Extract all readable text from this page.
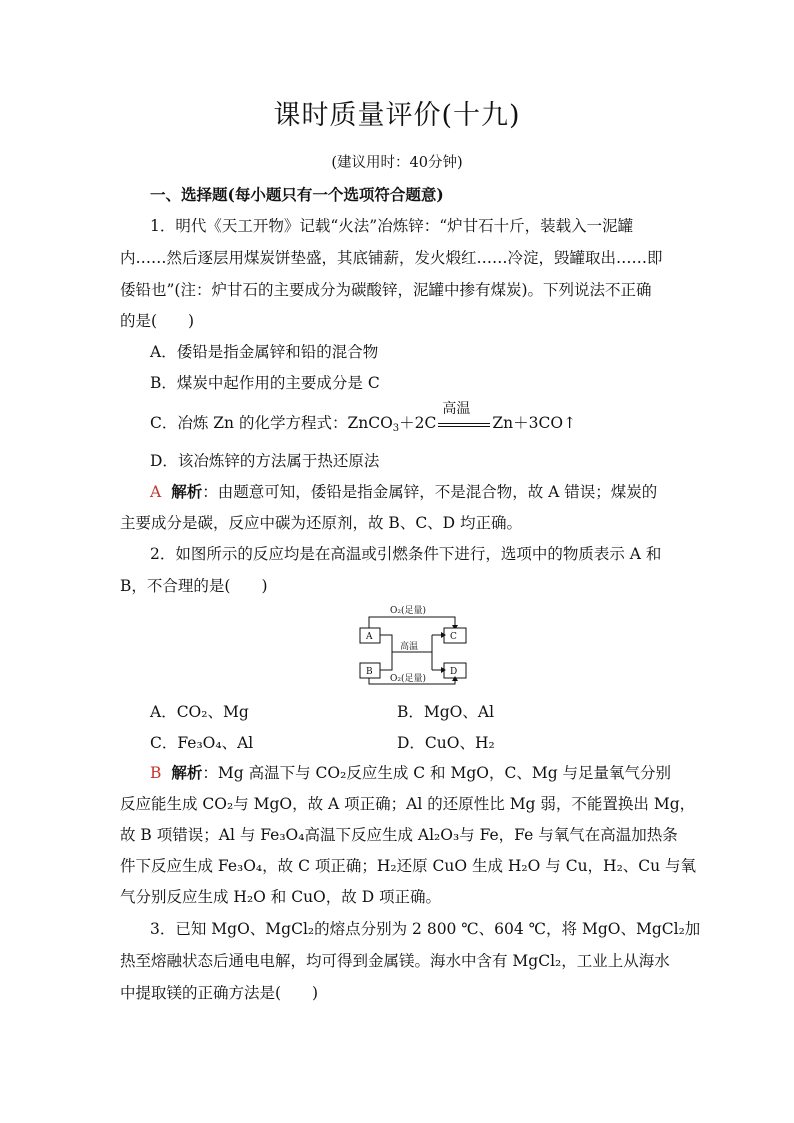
课时质量评价(十九)
(建议用时：40分钟)
一、选择题(每小题只有一个选项符合题意)
1．明代《天工开物》记载“火法”冶炼锌：“炉甘石十斤，装载入一泥罐
内……然后逐层用煤炭饼垫盛，其底铺薪，发火煅红……冷淀，毁罐取出……即
倭铅也”(注：炉甘石的主要成分为碳酸锌，泥罐中掺有煤炭)。下列说法不正确
的是(　　)
A．倭铅是指金属锌和铅的混合物
B．煤炭中起作用的主要成分是 C
C．冶炼 Zn 的化学方程式：ZnCO$_3$＋2C
高温
Zn＋3CO↑
D．该冶炼锌的方法属于热还原法
A 解析：由题意可知，倭铅是指金属锌，不是混合物，故 A 错误；煤炭的
主要成分是碳，反应中碳为还原剂，故 B、C、D 均正确。
2．如图所示的反应均是在高温或引燃条件下进行，选项中的物质表示 A 和
B，不合理的是(　　)
O₂(足量)
A	C
B	D
高温
O₂(足量)
A．CO₂、Mg	B．MgO、Al
C．Fe₃O₄、Al	D．CuO、H₂
B 解析：Mg 高温下与 CO₂反应生成 C 和 MgO，C、Mg 与足量氧气分别
反应能生成 CO₂与 MgO，故 A 项正确；Al 的还原性比 Mg 弱，不能置换出 Mg，
故 B 项错误；Al 与 Fe₃O₄高温下反应生成 Al₂O₃与 Fe，Fe 与氧气在高温加热条
件下反应生成 Fe₃O₄，故 C 项正确；H₂还原 CuO 生成 H₂O 与 Cu，H₂、Cu 与氧
气分别反应生成 H₂O 和 CuO，故 D 项正确。
3．已知 MgO、MgCl₂的熔点分别为 2 800 ℃、604 ℃，将 MgO、MgCl₂加
热至熔融状态后通电电解，均可得到金属镁。海水中含有 MgCl₂，工业上从海水
中提取镁的正确方法是(　　)
